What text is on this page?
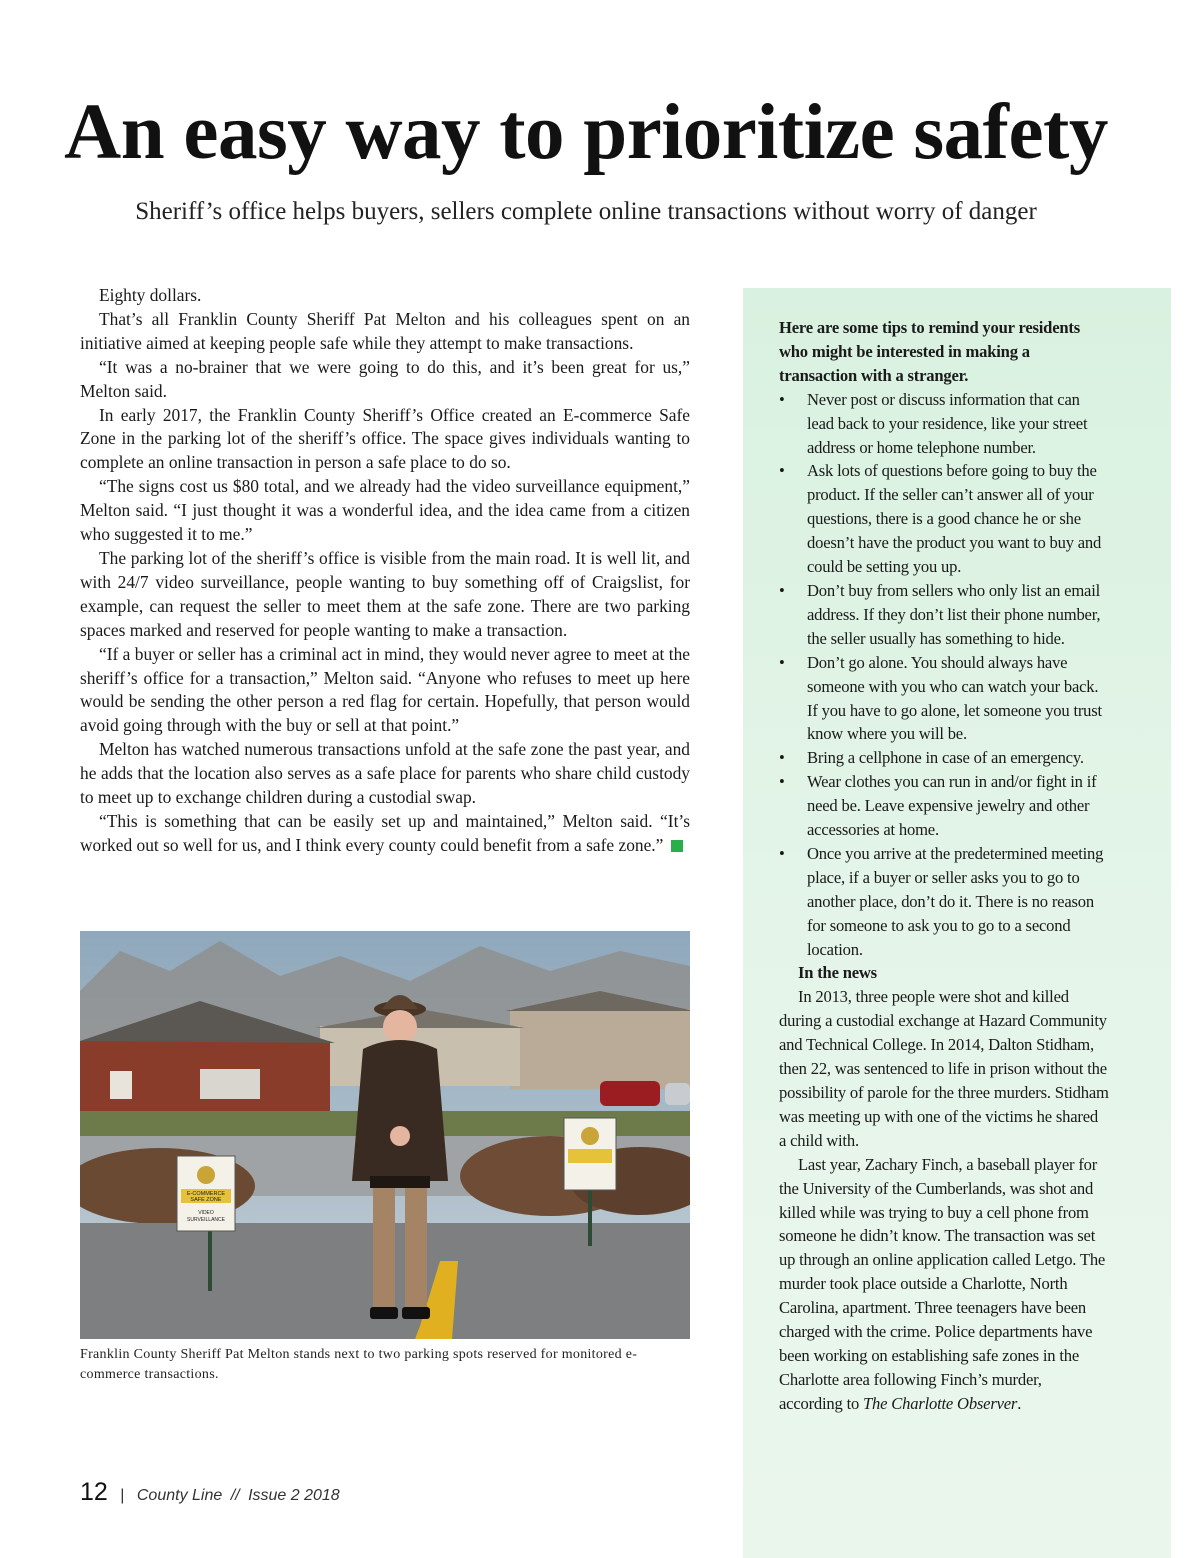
An easy way to prioritize safety

Sheriff’s office helps buyers, sellers complete online transactions without worry of danger

Eighty dollars.

That’s all Franklin County Sheriff Pat Melton and his colleagues spent on an initiative aimed at keeping people safe while they attempt to make transactions.

“It was a no-brainer that we were going to do this, and it’s been great for us,” Melton said.

In early 2017, the Franklin County Sheriff’s Office created an E-commerce Safe Zone in the parking lot of the sheriff’s office. The space gives individuals wanting to complete an online transaction in person a safe place to do so.

“The signs cost us $80 total, and we already had the video surveillance equipment,” Melton said. “I just thought it was a wonderful idea, and the idea came from a citizen who suggested it to me.”

The parking lot of the sheriff’s office is visible from the main road. It is well lit, and with 24/7 video surveillance, people wanting to buy something off of Craigslist, for example, can request the seller to meet them at the safe zone. There are two parking spaces marked and reserved for people wanting to make a transaction.

“If a buyer or seller has a criminal act in mind, they would never agree to meet at the sheriff’s office for a transaction,” Melton said. “Anyone who refuses to meet up here would be sending the other person a red flag for certain. Hopefully, that person would avoid going through with the buy or sell at that point.”

Melton has watched numerous transactions unfold at the safe zone the past year, and he adds that the location also serves as a safe place for parents who share child custody to meet up to exchange children during a custodial swap.

“This is something that can be easily set up and maintained,” Melton said. “It’s worked out so well for us, and I think every county could benefit from a safe zone.”

E-COMMERCE
SAFE ZONE
VIDEO
SURVEILLANCE
Franklin County Sheriff Pat Melton stands next to two parking spots reserved for monitored e-commerce transactions.

Here are some tips to remind your residents who might be interested in making a transaction with a stranger.

• Never post or discuss information that can lead back to your residence, like your street address or home telephone number.
• Ask lots of questions before going to buy the product. If the seller can’t answer all of your questions, there is a good chance he or she doesn’t have the product you want to buy and could be setting you up.
• Don’t buy from sellers who only list an email address. If they don’t list their phone number, the seller usually has something to hide.
• Don’t go alone. You should always have someone with you who can watch your back. If you have to go alone, let someone you trust know where you will be.
• Bring a cellphone in case of an emergency.
• Wear clothes you can run in and/or fight in if need be. Leave expensive jewelry and other accessories at home.
• Once you arrive at the predetermined meeting place, if a buyer or seller asks you to go to another place, don’t do it. There is no reason for someone to ask you to go to a second location.

In the news

In 2013, three people were shot and killed during a custodial exchange at Hazard Community and Technical College. In 2014, Dalton Stidham, then 22, was sentenced to life in prison without the possibility of parole for the three murders. Stidham was meeting up with one of the victims he shared a child with.

Last year, Zachary Finch, a baseball player for the University of the Cumberlands, was shot and killed while was trying to buy a cell phone from someone he didn’t know. The transaction was set up through an online application called Letgo. The murder took place outside a Charlotte, North Carolina, apartment. Three teenagers have been charged with the crime. Police departments have been working on establishing safe zones in the Charlotte area following Finch’s murder, according to The Charlotte Observer.

12 | County Line // Issue 2 2018
